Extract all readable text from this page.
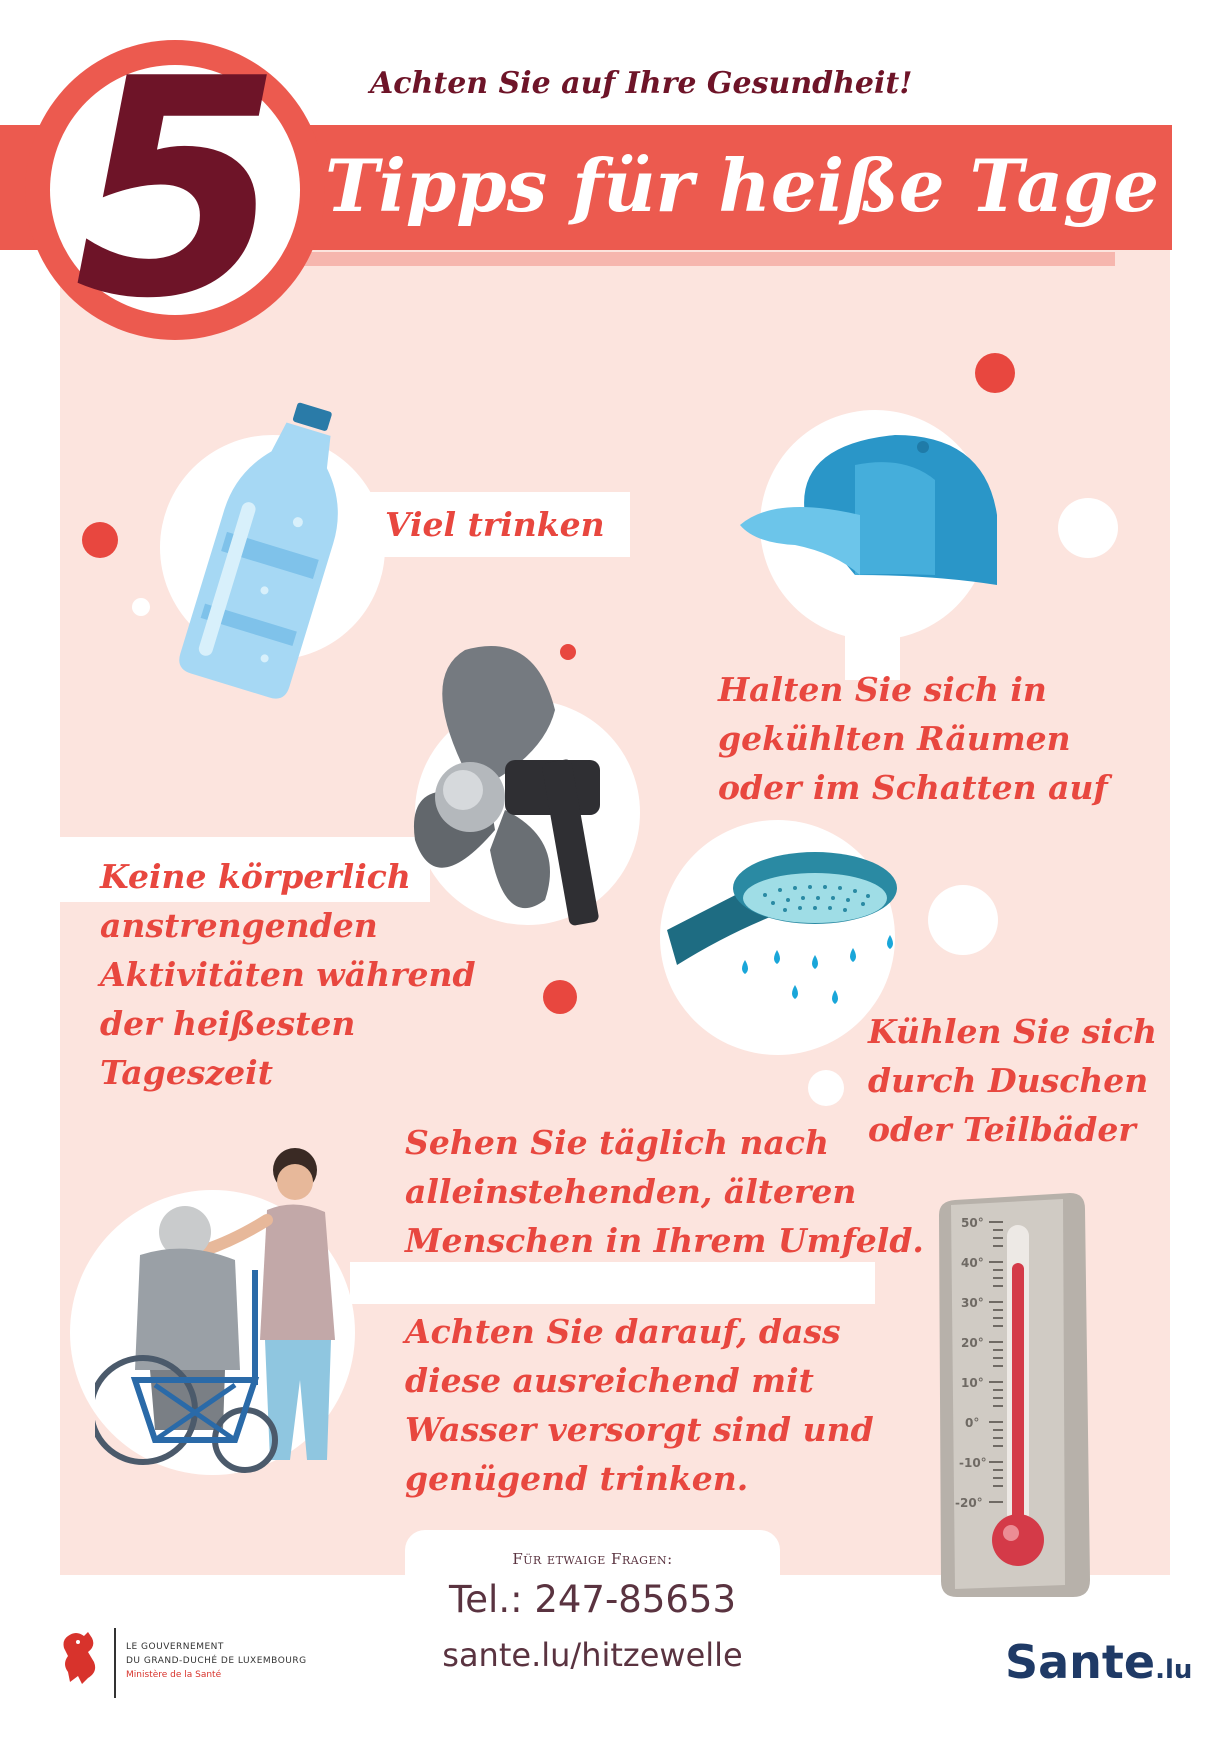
5	Achten Sie auf Ihre Gesundheit!
Tipps für heiße Tage
Viel trinken
Halten Sie sich in
gekühlten Räumen
oder im Schatten auf
Keine körperlich
anstrengenden
Aktivitäten während
der heißesten
Tageszeit
Kühlen Sie sich
durch Duschen
oder Teilbäder
Sehen Sie täglich nach
alleinstehenden, älteren
Menschen in Ihrem Umfeld.
Achten Sie darauf, dass
diese ausreichend mit
Wasser versorgt sind und
genügend trinken.
50°
40°
30°
20°
10°
0°
-10°
-20°
Für etwaige Fragen:
Tel.: 247-85653
sante.lu/hitzewelle
LE GOUVERNEMENT
DU GRAND-DUCHÉ DE LUXEMBOURG
Ministère de la Santé	Sante.lu
